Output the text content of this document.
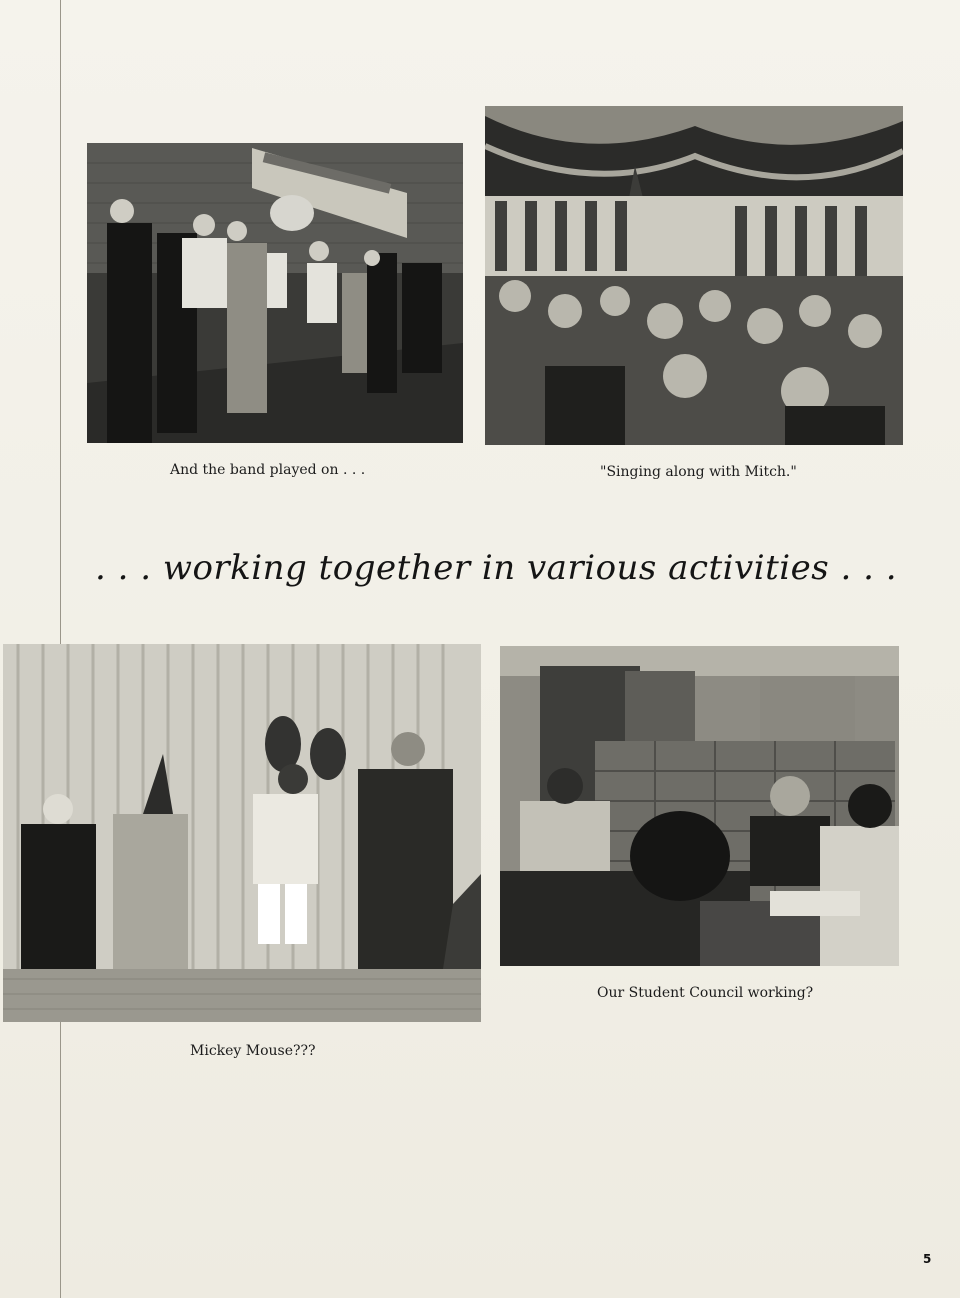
And the band played on . . .	"Singing along with Mitch."
. . . working together in various activities . . .
Mickey Mouse???
Our Student Council working?
5
